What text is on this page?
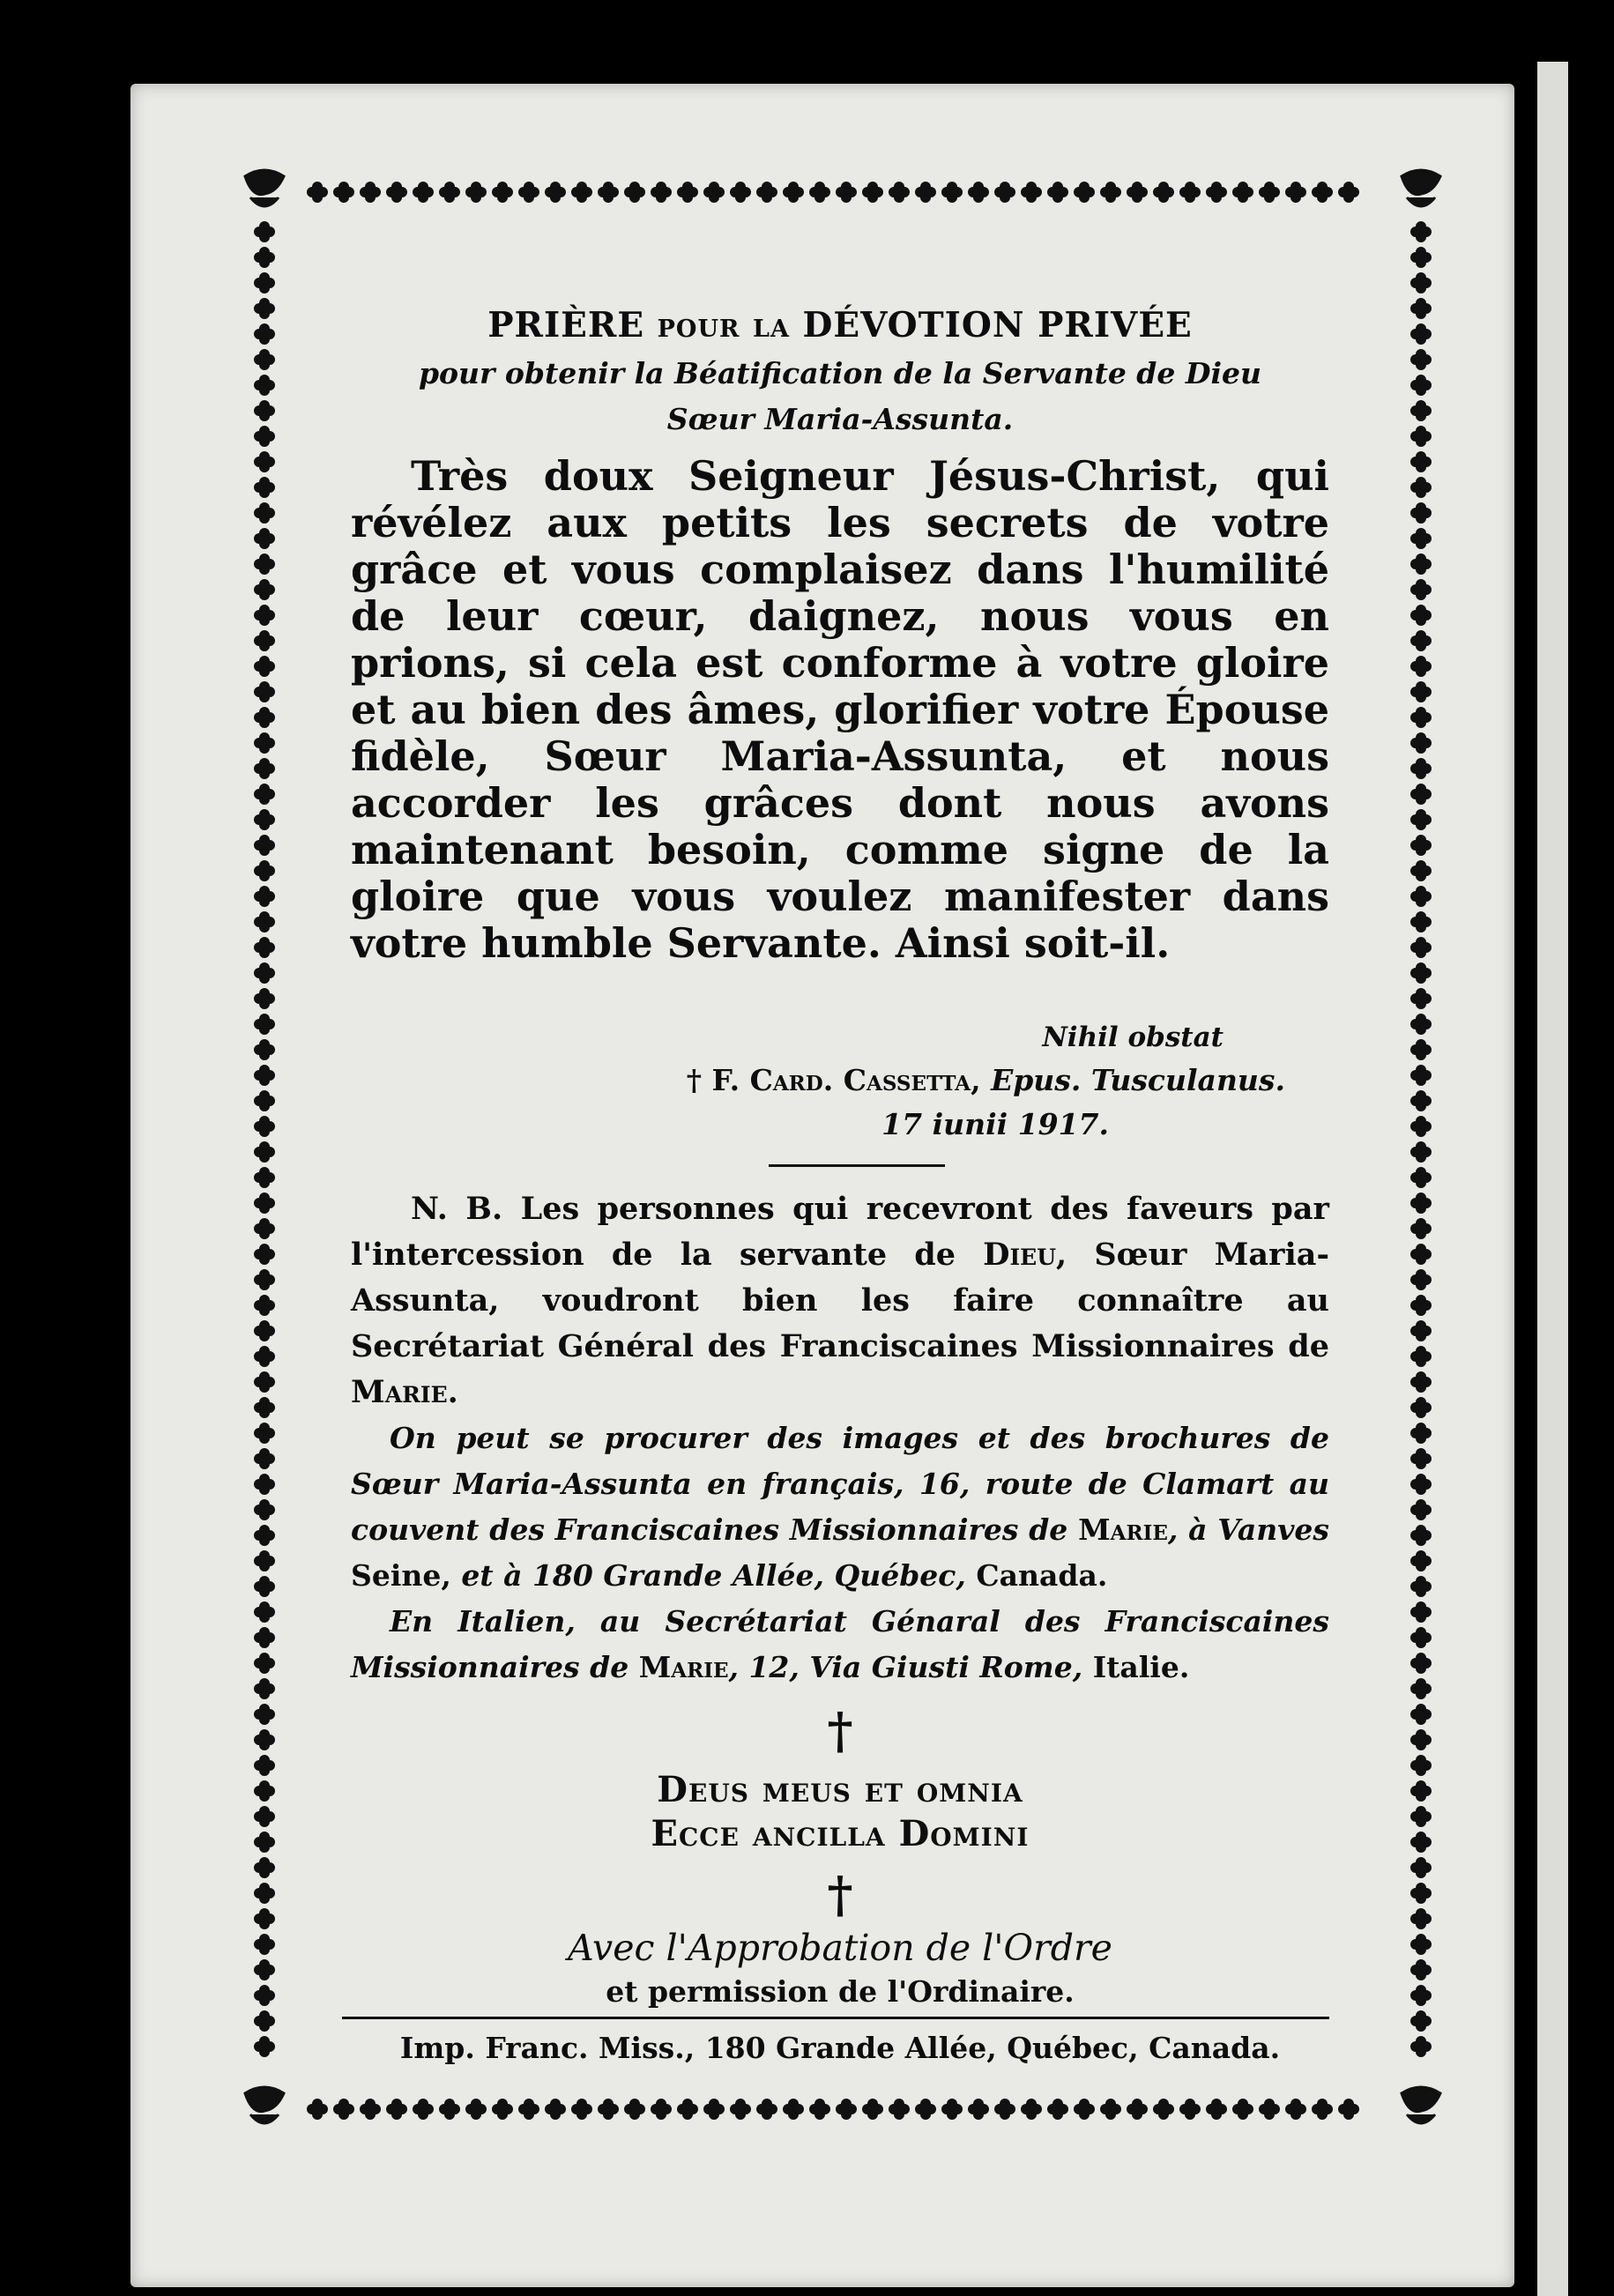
PRIÈRE pour la DÉVOTION PRIVÉE

pour obtenir la Béatification de la Servante de Dieu

Sœur Maria-Assunta.

Très doux Seigneur Jésus-Christ, qui révélez aux petits les secrets de votre grâce et vous complaisez dans l'humilité de leur cœur, daignez, nous vous en prions, si cela est conforme à votre gloire et au bien des âmes, glorifier votre Épouse fidèle, Sœur Maria-Assunta, et nous accorder les grâces dont nous avons maintenant besoin, comme signe de la gloire que vous voulez manifester dans votre humble Servante. Ainsi soit-il.

Nihil obstat

† F. Card. Cassetta, Epus. Tusculanus.

17 iunii 1917.

N. B. Les personnes qui recevront des faveurs par l'intercession de la servante de Dieu, Sœur Maria-Assunta, voudront bien les faire connaître au Secrétariat Général des Franciscaines Missionnaires de Marie.

On peut se procurer des images et des brochures de Sœur Maria-Assunta en français, 16, route de Clamart au couvent des Franciscaines Missionnaires de Marie, à Vanves Seine, et à 180 Grande Allée, Québec, Canada.

En Italien, au Secrétariat Génaral des Franciscaines Missionnaires de Marie, 12, Via Giusti Rome, Italie.

†

Deus meus et omnia

Ecce ancilla Domini

†

Avec l'Approbation de l'Ordre

et permission de l'Ordinaire.

Imp. Franc. Miss., 180 Grande Allée, Québec, Canada.
